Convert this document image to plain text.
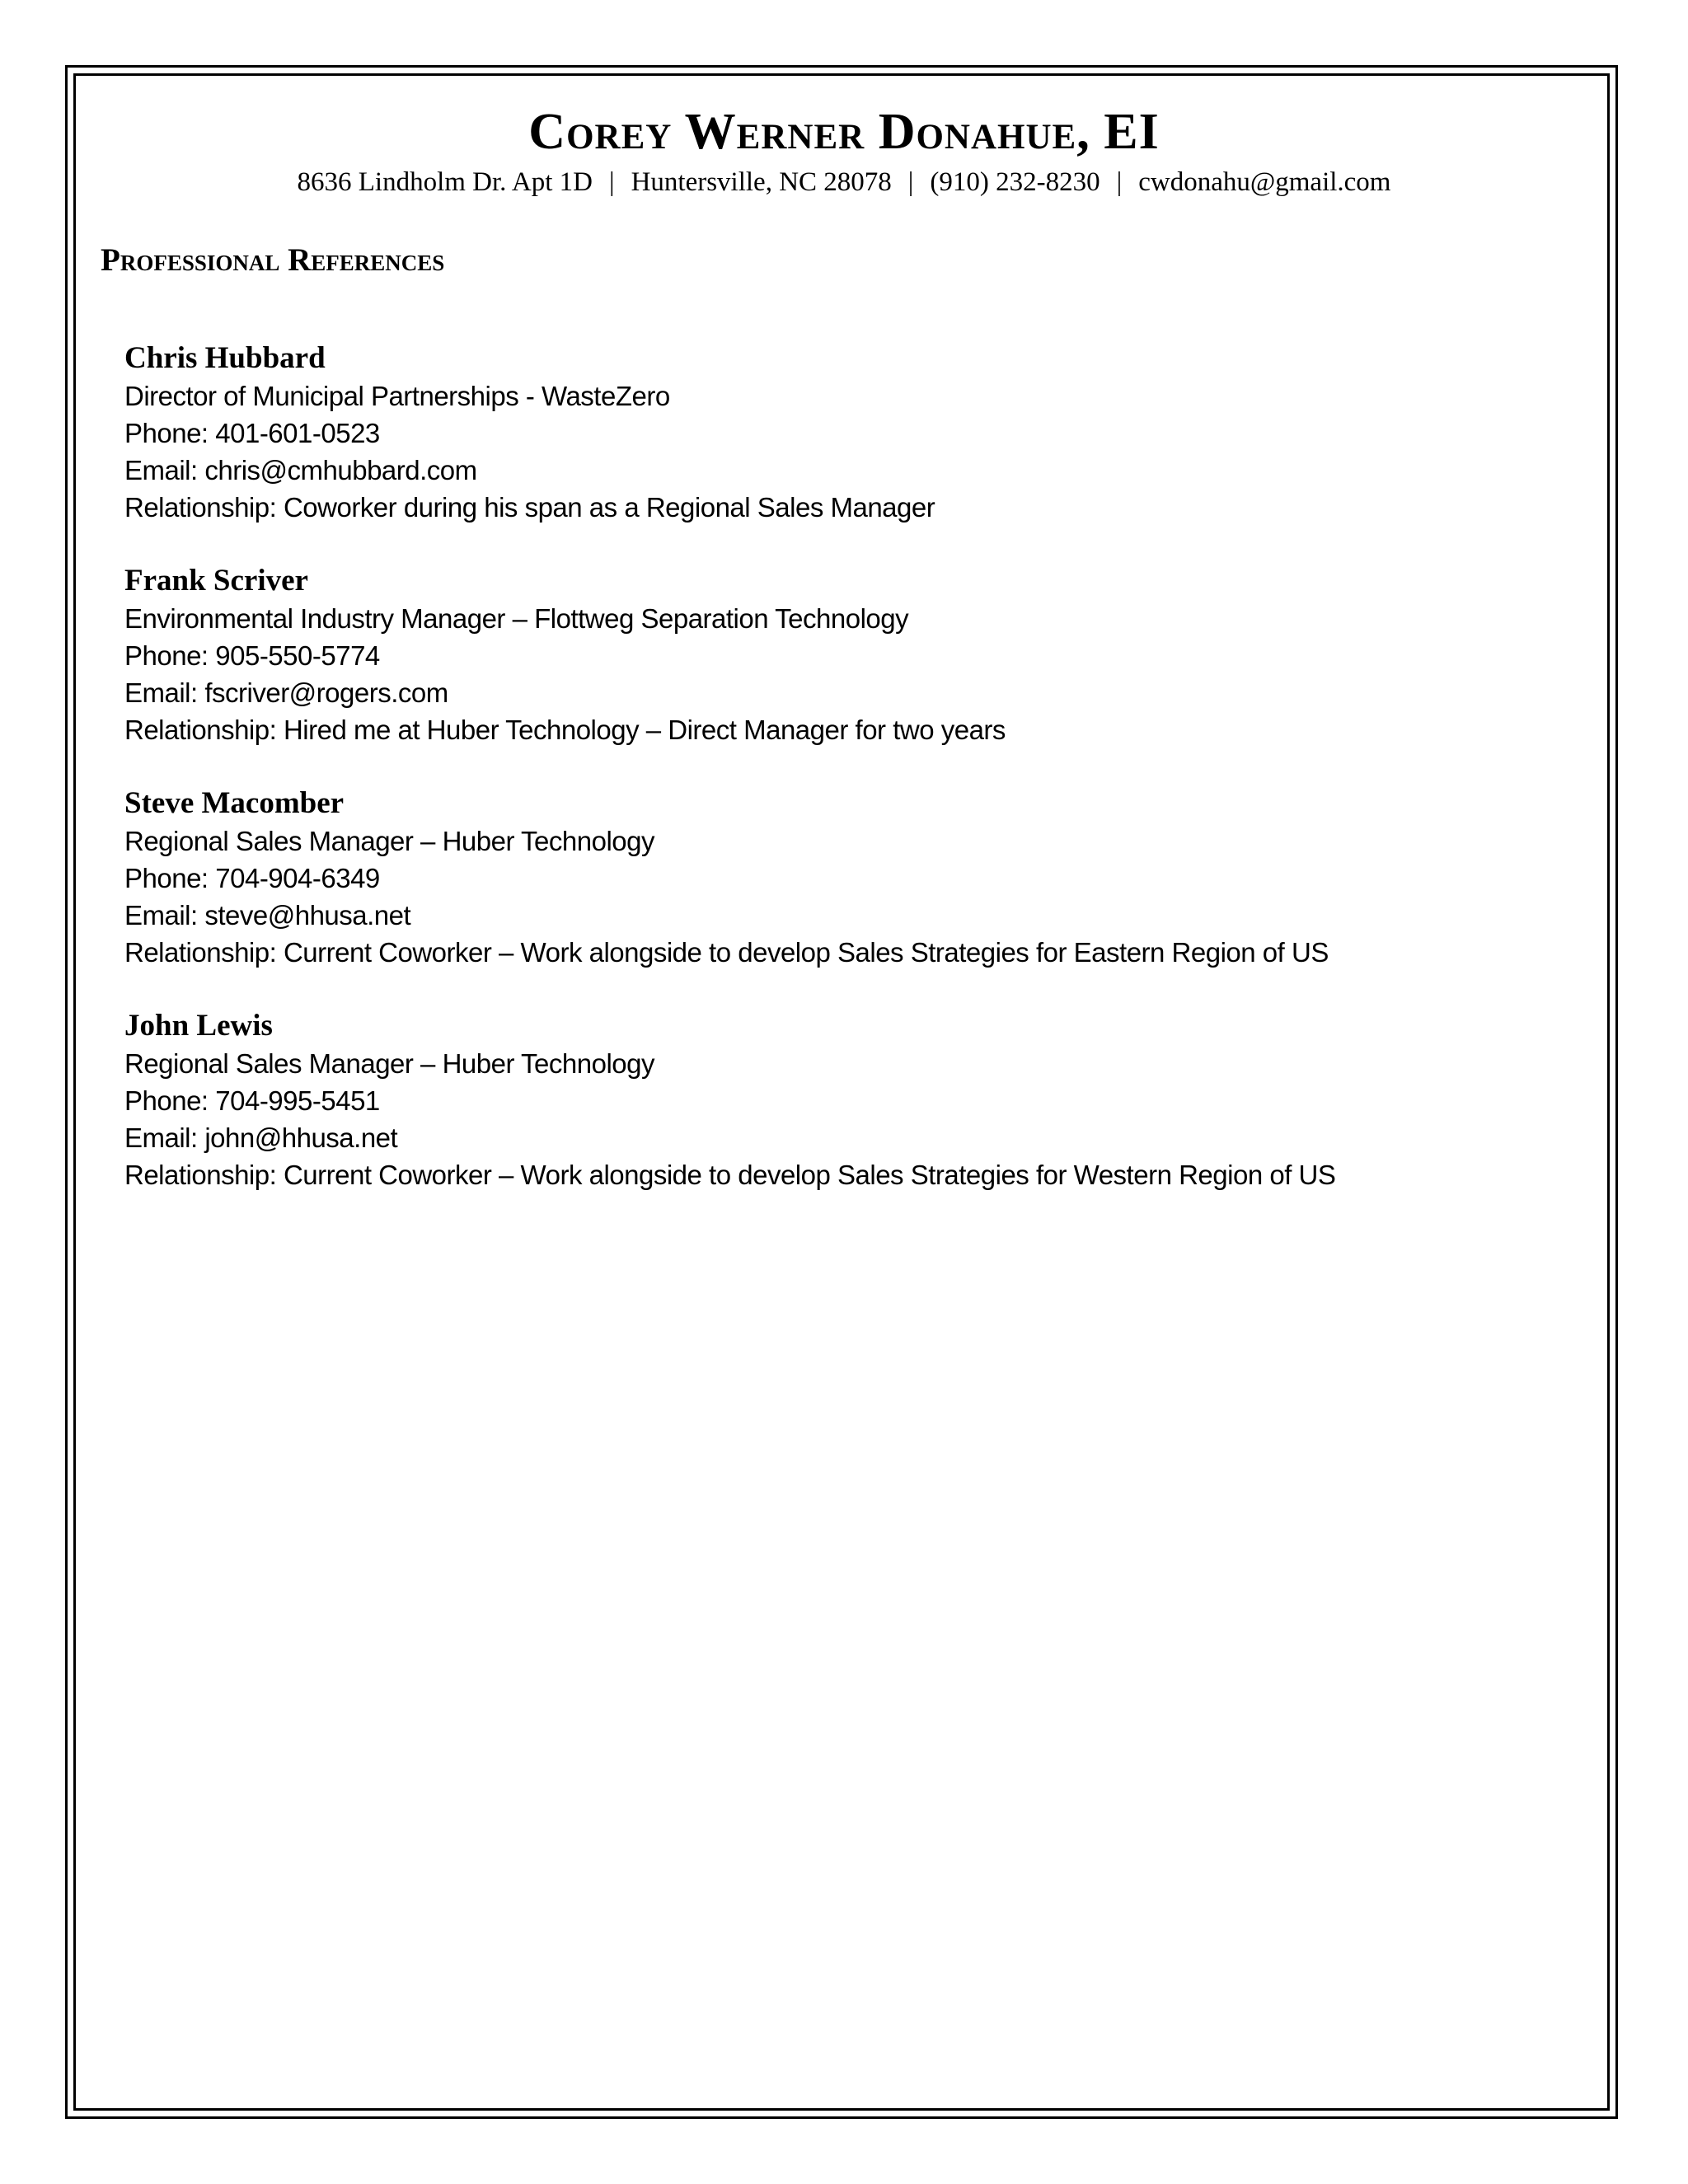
Corey Werner Donahue, EI
8636 Lindholm Dr. Apt 1D | Huntersville, NC 28078 | (910) 232-8230 | cwdonahu@gmail.com
Professional References
Chris Hubbard
Director of Municipal Partnerships - WasteZero
Phone: 401-601-0523
Email: chris@cmhubbard.com
Relationship: Coworker during his span as a Regional Sales Manager
Frank Scriver
Environmental Industry Manager – Flottweg Separation Technology
Phone: 905-550-5774
Email: fscriver@rogers.com
Relationship: Hired me at Huber Technology – Direct Manager for two years
Steve Macomber
Regional Sales Manager – Huber Technology
Phone: 704-904-6349
Email: steve@hhusa.net
Relationship: Current Coworker – Work alongside to develop Sales Strategies for Eastern Region of US
John Lewis
Regional Sales Manager – Huber Technology
Phone: 704-995-5451
Email: john@hhusa.net
Relationship: Current Coworker – Work alongside to develop Sales Strategies for Western Region of US
